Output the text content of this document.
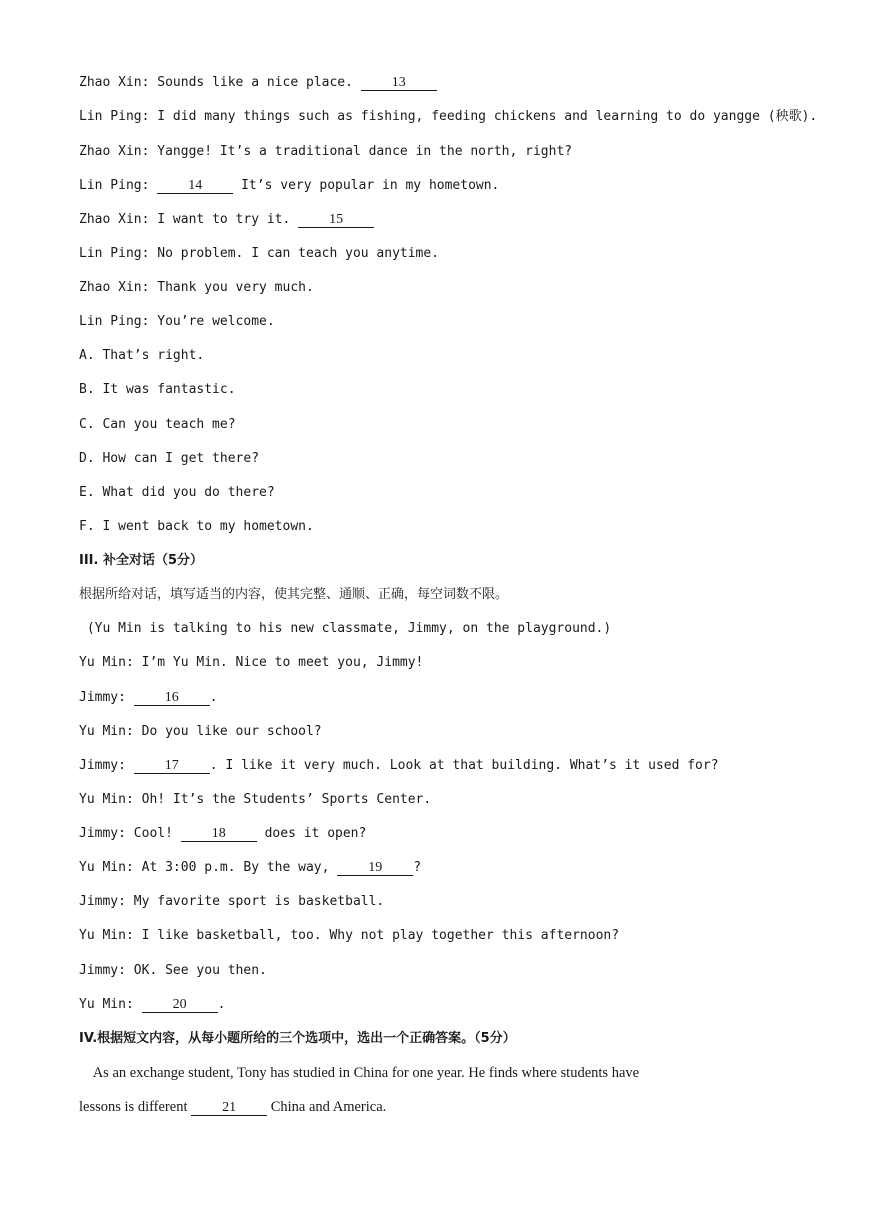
Zhao Xin: Sounds like a nice place. 13
Lin Ping: I did many things such as fishing, feeding chickens and learning to do yangge (秧歌).
Zhao Xin: Yangge! It’s a traditional dance in the north, right?
Lin Ping: 14 It’s very popular in my hometown.
Zhao Xin: I want to try it. 15
Lin Ping: No problem. I can teach you anytime.
Zhao Xin: Thank you very much.
Lin Ping: You’re welcome.
A. That’s right.
B. It was fantastic.
C. Can you teach me?
D. How can I get there?
E. What did you do there?
F. I went back to my hometown.
III. 补全对话（5分）
根据所给对话，填写适当的内容，使其完整、通顺、正确，每空词数不限。
(Yu Min is talking to his new classmate, Jimmy, on the playground.)
Yu Min: I’m Yu Min. Nice to meet you, Jimmy!
Jimmy: 16 .
Yu Min: Do you like our school?
Jimmy: 17 . I like it very much. Look at that building. What’s it used for?
Yu Min: Oh! It’s the Students’ Sports Center.
Jimmy: Cool! 18 does it open?
Yu Min: At 3:00 p.m. By the way, 19 ?
Jimmy: My favorite sport is basketball.
Yu Min: I like basketball, too. Why not play together this afternoon?
Jimmy: OK. See you then.
Yu Min: 20 .
IV.根据短文内容，从每小题所给的三个选项中，选出一个正确答案。（5分）
As an exchange student, Tony has studied in China for one year. He finds where students have
lessons is different 21 China and America.
